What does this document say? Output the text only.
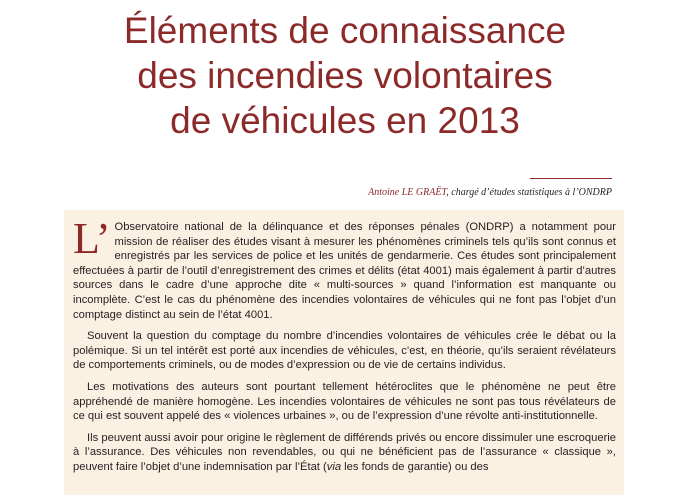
Éléments de connaissance
des incendies volontaires
de véhicules en 2013
Antoine LE GRAËT, chargé d’études statistiques à l’ONDRP

L’ Observatoire national de la délinquance et des réponses pénales (ONDRP) a notamment pour mission de réaliser des études visant à mesurer les phénomènes criminels tels qu’ils sont connus et enregistrés par les services de police et les unités de gendarmerie. Ces études sont principalement effectuées à partir de l’outil d’enregistrement des crimes et délits (état 4001) mais également à partir d’autres sources dans le cadre d’une approche dite « multi-sources » quand l’information est manquante ou incomplète. C’est le cas du phénomène des incendies volontaires de véhicules qui ne font pas l’objet d’un comptage distinct au sein de l’état 4001.

Souvent la question du comptage du nombre d’incendies volontaires de véhicules crée le débat ou la polémique. Si un tel intérêt est porté aux incendies de véhicules, c’est, en théorie, qu’ils seraient révélateurs de comportements criminels, ou de modes d’expression ou de vie de certains individus.

Les motivations des auteurs sont pourtant tellement hétéroclites que le phénomène ne peut être appréhendé de manière homogène. Les incendies volontaires de véhicules ne sont pas tous révélateurs de ce qui est souvent appelé des « violences urbaines », ou de l’expression d’une révolte anti-institutionnelle.

Ils peuvent aussi avoir pour origine le règlement de différends privés ou encore dissimuler une escroquerie à l’assurance. Des véhicules non revendables, ou qui ne bénéficient pas de l’assurance « classique », peuvent faire l’objet d’une indemnisation par l’État (via les fonds de garantie) ou des
